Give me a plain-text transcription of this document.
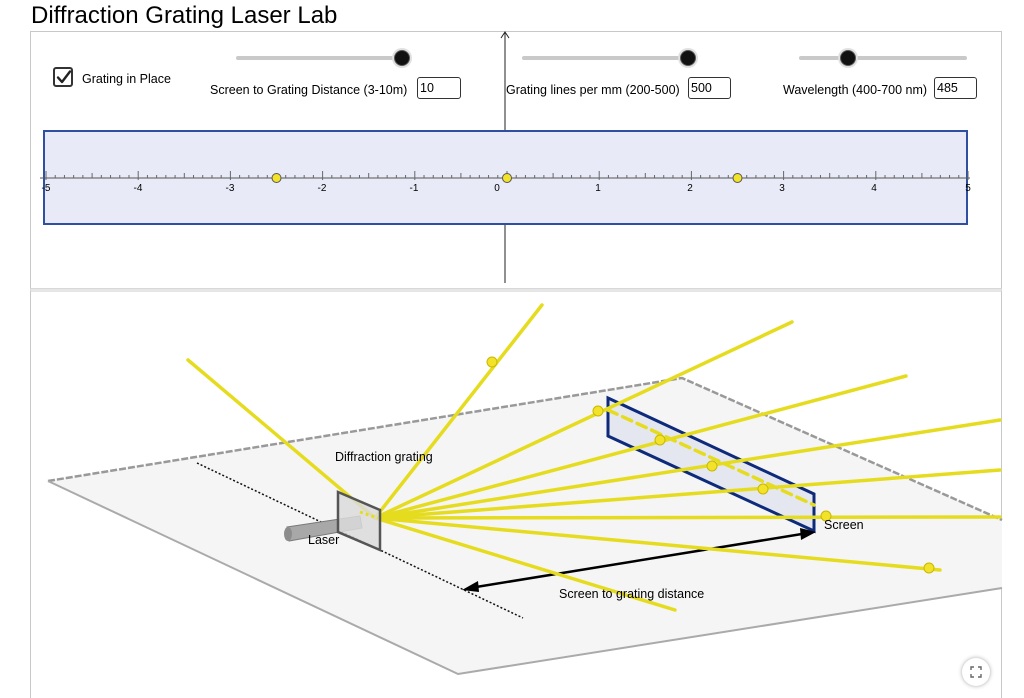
Diffraction Grating Laser Lab
Grating in Place
Screen to Grating Distance (3-10m)
10	Grating lines per mm (200-500)
500	Wavelength (400-700 nm)
485
-5	-4	-3	-2	-1	0	1	2	3	4	5
Diffraction grating
Laser
Screen
Screen to grating distance
